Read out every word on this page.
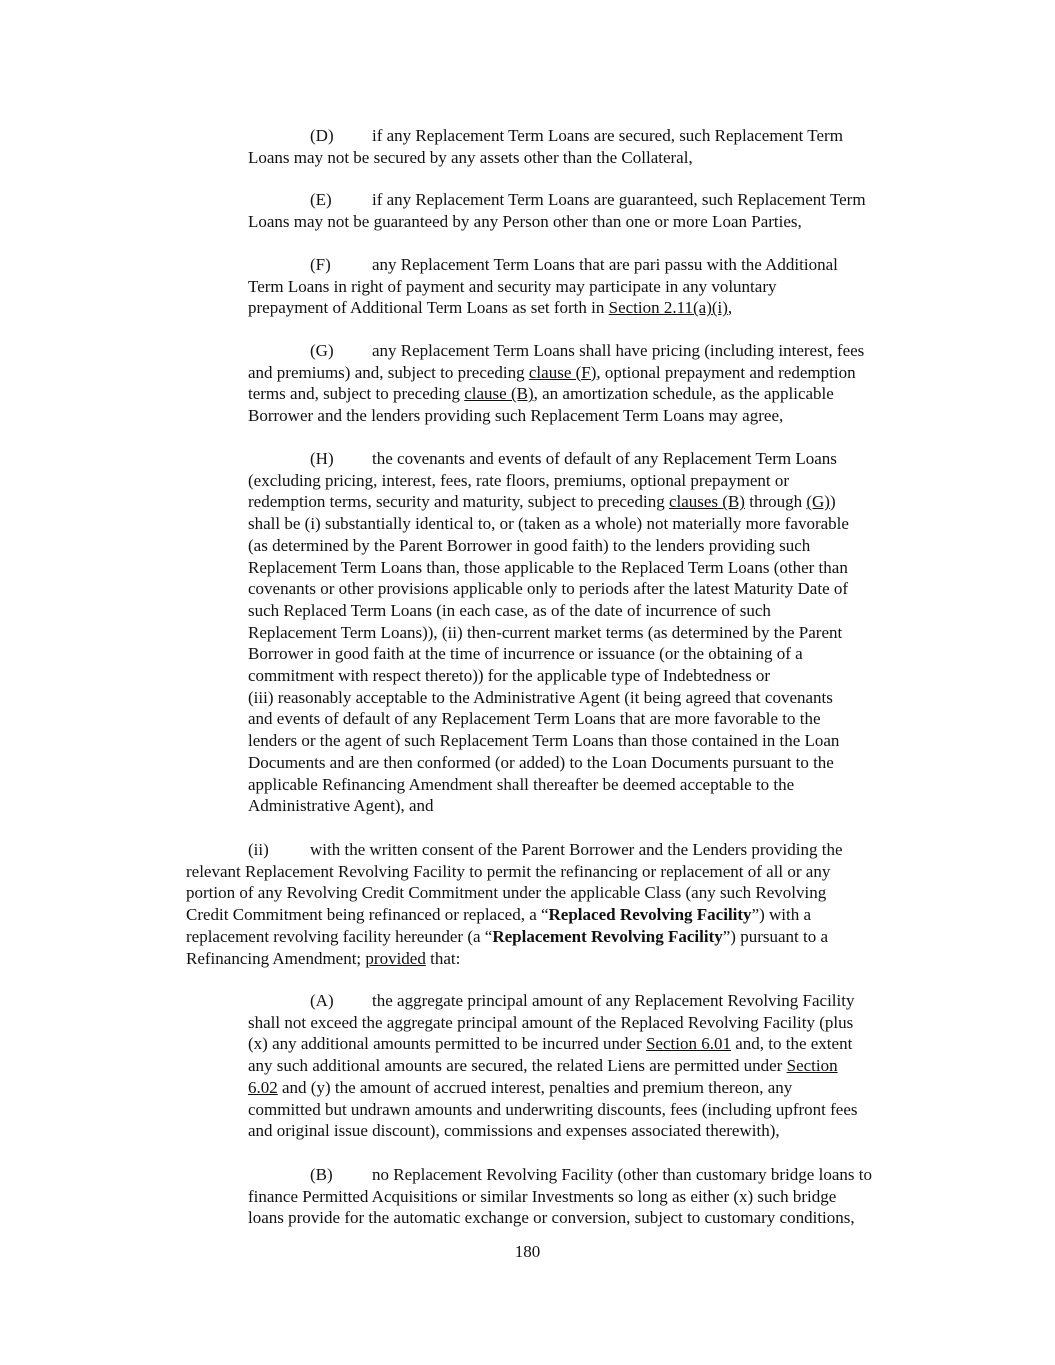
(D) if any Replacement Term Loans are secured, such Replacement Term
Loans may not be secured by any assets other than the Collateral,
(E) if any Replacement Term Loans are guaranteed, such Replacement Term
Loans may not be guaranteed by any Person other than one or more Loan Parties,
(F) any Replacement Term Loans that are pari passu with the Additional
Term Loans in right of payment and security may participate in any voluntary
prepayment of Additional Term Loans as set forth in Section 2.11(a)(i),
(G) any Replacement Term Loans shall have pricing (including interest, fees
and premiums) and, subject to preceding clause (F), optional prepayment and redemption
terms and, subject to preceding clause (B), an amortization schedule, as the applicable
Borrower and the lenders providing such Replacement Term Loans may agree,
(H) the covenants and events of default of any Replacement Term Loans
(excluding pricing, interest, fees, rate floors, premiums, optional prepayment or
redemption terms, security and maturity, subject to preceding clauses (B) through (G))
shall be (i) substantially identical to, or (taken as a whole) not materially more favorable
(as determined by the Parent Borrower in good faith) to the lenders providing such
Replacement Term Loans than, those applicable to the Replaced Term Loans (other than
covenants or other provisions applicable only to periods after the latest Maturity Date of
such Replaced Term Loans (in each case, as of the date of incurrence of such
Replacement Term Loans)), (ii) then-current market terms (as determined by the Parent
Borrower in good faith at the time of incurrence or issuance (or the obtaining of a
commitment with respect thereto)) for the applicable type of Indebtedness or
(iii) reasonably acceptable to the Administrative Agent (it being agreed that covenants
and events of default of any Replacement Term Loans that are more favorable to the
lenders or the agent of such Replacement Term Loans than those contained in the Loan
Documents and are then conformed (or added) to the Loan Documents pursuant to the
applicable Refinancing Amendment shall thereafter be deemed acceptable to the
Administrative Agent), and
(ii) with the written consent of the Parent Borrower and the Lenders providing the
relevant Replacement Revolving Facility to permit the refinancing or replacement of all or any
portion of any Revolving Credit Commitment under the applicable Class (any such Revolving
Credit Commitment being refinanced or replaced, a “Replaced Revolving Facility”) with a
replacement revolving facility hereunder (a “Replacement Revolving Facility”) pursuant to a
Refinancing Amendment; provided that:
(A) the aggregate principal amount of any Replacement Revolving Facility
shall not exceed the aggregate principal amount of the Replaced Revolving Facility (plus
(x) any additional amounts permitted to be incurred under Section 6.01 and, to the extent
any such additional amounts are secured, the related Liens are permitted under Section
6.02 and (y) the amount of accrued interest, penalties and premium thereon, any
committed but undrawn amounts and underwriting discounts, fees (including upfront fees
and original issue discount), commissions and expenses associated therewith),
(B) no Replacement Revolving Facility (other than customary bridge loans to
finance Permitted Acquisitions or similar Investments so long as either (x) such bridge
loans provide for the automatic exchange or conversion, subject to customary conditions,
180
